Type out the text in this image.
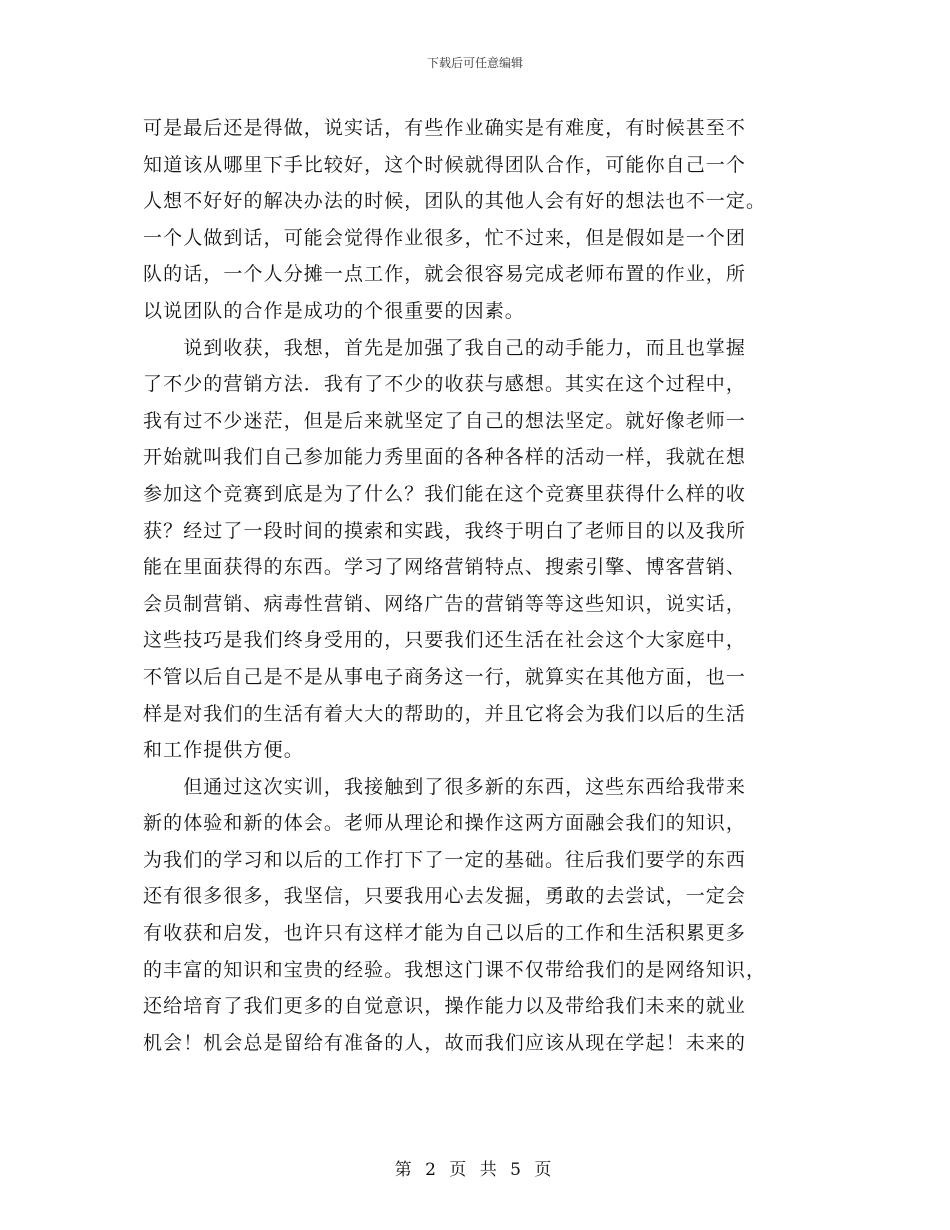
下载后可任意编辑
可是最后还是得做，说实话，有些作业确实是有难度，有时候甚至不
知道该从哪里下手比较好，这个时候就得团队合作，可能你自己一个
人想不好好的解决办法的时候，团队的其他人会有好的想法也不一定。
一个人做到话，可能会觉得作业很多，忙不过来，但是假如是一个团
队的话，一个人分摊一点工作，就会很容易完成老师布置的作业，所
以说团队的合作是成功的个很重要的因素。
　　说到收获，我想，首先是加强了我自己的动手能力，而且也掌握
了不少的营销方法．我有了不少的收获与感想。其实在这个过程中，
我有过不少迷茫，但是后来就坚定了自己的想法坚定。就好像老师一
开始就叫我们自己参加能力秀里面的各种各样的活动一样，我就在想
参加这个竞赛到底是为了什么？我们能在这个竞赛里获得什么样的收
获？经过了一段时间的摸索和实践，我终于明白了老师目的以及我所
能在里面获得的东西。学习了网络营销特点、搜索引擎、博客营销、
会员制营销、病毒性营销、网络广告的营销等等这些知识，说实话，
这些技巧是我们终身受用的，只要我们还生活在社会这个大家庭中，
不管以后自己是不是从事电子商务这一行，就算实在其他方面，也一
样是对我们的生活有着大大的帮助的，并且它将会为我们以后的生活
和工作提供方便。
　　但通过这次实训，我接触到了很多新的东西，这些东西给我带来
新的体验和新的体会。老师从理论和操作这两方面融会我们的知识，
为我们的学习和以后的工作打下了一定的基础。往后我们要学的东西
还有很多很多，我坚信，只要我用心去发掘，勇敢的去尝试，一定会
有收获和启发，也许只有这样才能为自己以后的工作和生活积累更多
的丰富的知识和宝贵的经验。我想这门课不仅带给我们的是网络知识，
还给培育了我们更多的自觉意识，操作能力以及带给我们未来的就业
机会！机会总是留给有准备的人，故而我们应该从现在学起！未来的
第 2 页 共 5 页
